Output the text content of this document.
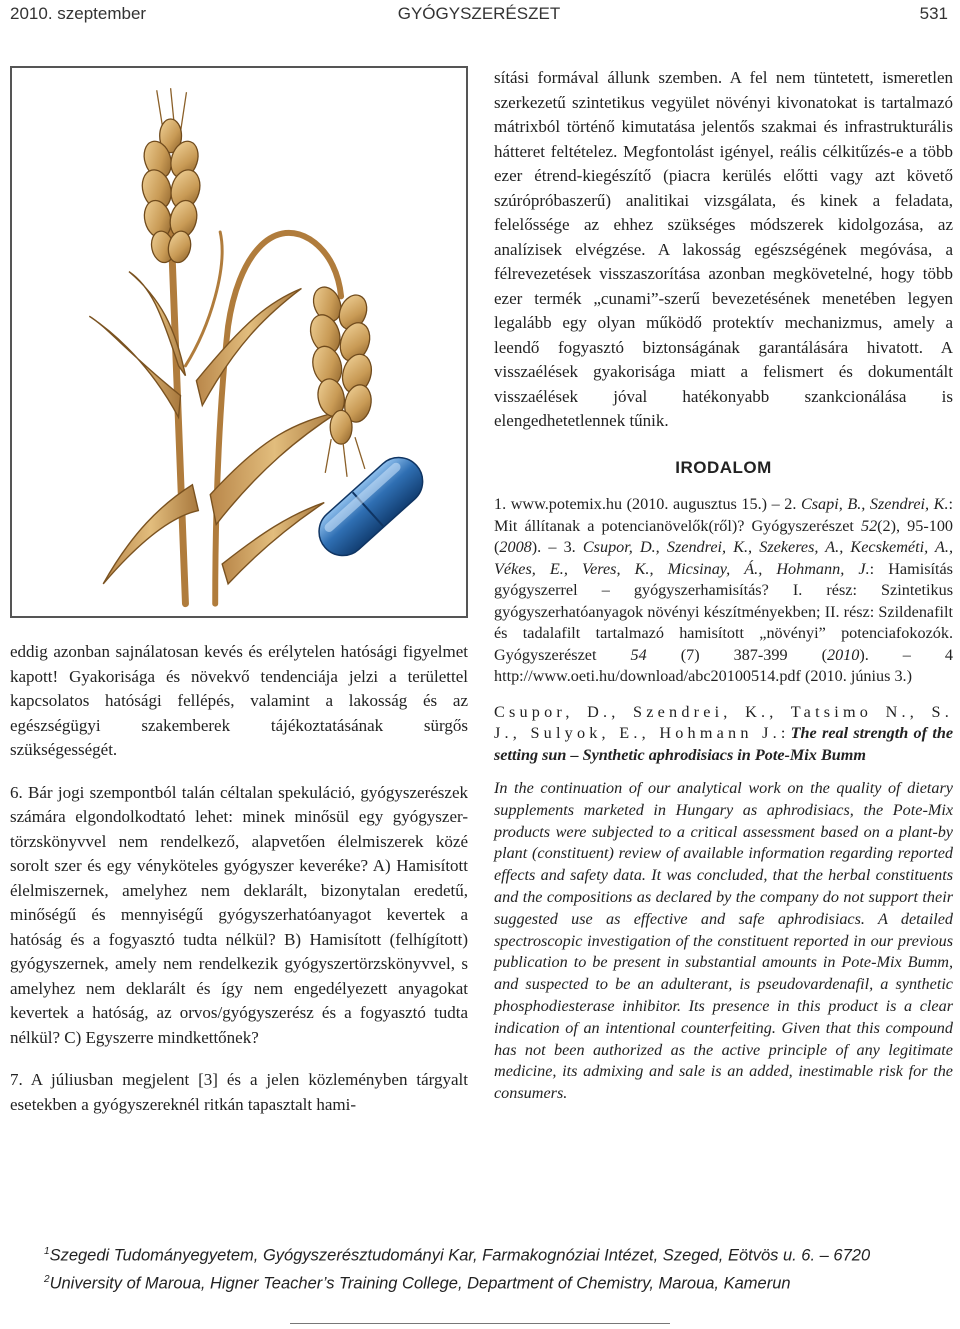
2010. szeptember	GYÓGYSZERÉSZET	531

eddig azonban sajnálatosan kevés és erélytelen hatósági figyelmet kapott! Gyakorisága és növekvő tendenciája jelzi a területtel kapcsolatos hatósági fellépés, valamint a lakosság és az egészségügyi szakemberek tájékoztatásának sürgős szükségességét.

6. Bár jogi szempontból talán céltalan spekuláció, gyógyszerészek számára elgondolkodtató lehet: minek minősül egy gyógyszer-törzskönyvvel nem rendelkező, alapvetően élelmiszerek közé sorolt szer és egy vényköteles gyógyszer keveréke? A) Hamisított élelmiszernek, amelyhez nem deklarált, bizonytalan eredetű, minőségű és mennyiségű gyógyszerhatóanyagot kevertek a hatóság és a fogyasztó tudta nélkül? B) Hamisított (felhígított) gyógyszernek, amely nem rendelkezik gyógyszertörzskönyvvel, s amelyhez nem deklarált és így nem engedélyezett anyagokat kevertek a hatóság, az orvos/gyógyszerész és a fogyasztó tudta nélkül? C) Egyszerre mindkettőnek?

7. A júliusban megjelent [3] és a jelen közleményben tárgyalt esetekben a gyógyszereknél ritkán tapasztalt hami-

sítási formával állunk szemben. A fel nem tüntetett, ismeretlen szerkezetű szintetikus vegyület növényi kivonatokat is tartalmazó mátrixból történő kimutatása jelentős szakmai és infrastrukturális hátteret feltételez. Megfontolást igényel, reális célkitűzés-e a több ezer étrend-kiegészítő (piacra kerülés előtti vagy azt követő szúrópróbaszerű) analitikai vizsgálata, és kinek a feladata, felelőssége az ehhez szükséges módszerek kidolgozása, az analízisek elvégzése. A lakosság egészségének megóvása, a félrevezetések visszaszorítása azonban megkövetelné, hogy több ezer termék „cunami”-szerű bevezetésének menetében legyen legalább egy olyan működő protektív mechanizmus, amely a leendő fogyasztó biztonságának garantálására hivatott. A visszaélések gyakorisága miatt a felismert és dokumentált visszaélések jóval hatékonyabb szankcionálása is elengedhetetlennek tűnik.

IRODALOM

1. www.potemix.hu (2010. augusztus 15.) – 2. Csapi, B., Szendrei, K.: Mit állítanak a potencianövelők(ről)? Gyógyszerészet 52(2), 95-100 (2008). – 3. Csupor, D., Szendrei, K., Szekeres, A., Kecskeméti, A., Vékes, E., Veres, K., Micsinay, Á., Hohmann, J.: Hamisítás gyógyszerrel – gyógyszerhamisítás? I. rész: Szintetikus gyógyszerhatóanyagok növényi készítményekben; II. rész: Szildenafilt és tadalafilt tartalmazó hamisított „növényi” potenciafokozók. Gyógyszerészet 54 (7) 387-399 (2010). – 4 http://www.oeti.hu/download/abc20100514.pdf (2010. június 3.)

Csupor, D., Szendrei, K., Tatsimo N., S. J., Sulyok, E., Hohmann J.: The real strength of the setting sun – Synthetic aphrodisiacs in Pote-Mix Bumm

In the continuation of our analytical work on the quality of dietary supplements marketed in Hungary as aphrodisiacs, the Pote-Mix products were subjected to a critical assessment based on a plant-by plant (constituent) review of available information regarding reported effects and safety data. It was concluded, that the herbal constituents and the compositions as declared by the company do not support their suggested use as effective and safe aphrodisiacs. A detailed spectroscopic investigation of the constituent reported in our previous publication to be present in substantial amounts in Pote-Mix Bumm, and suspected to be an adulterant, is pseudovardenafil, a synthetic phosphodiesterase inhibitor. Its presence in this product is a clear indication of an intentional counterfeiting. Given that this compound has not been authorized as the active principle of any legitimate medicine, its admixing and sale is an added, inestimable risk for the consumers.

$^1$Szegedi Tudományegyetem, Gyógyszerésztudományi Kar, Farmakognóziai Intézet, Szeged, Eötvös u. 6. – 6720
$^2$University of Maroua, Higner Teacher’s Training College, Department of Chemistry, Maroua, Kamerun
